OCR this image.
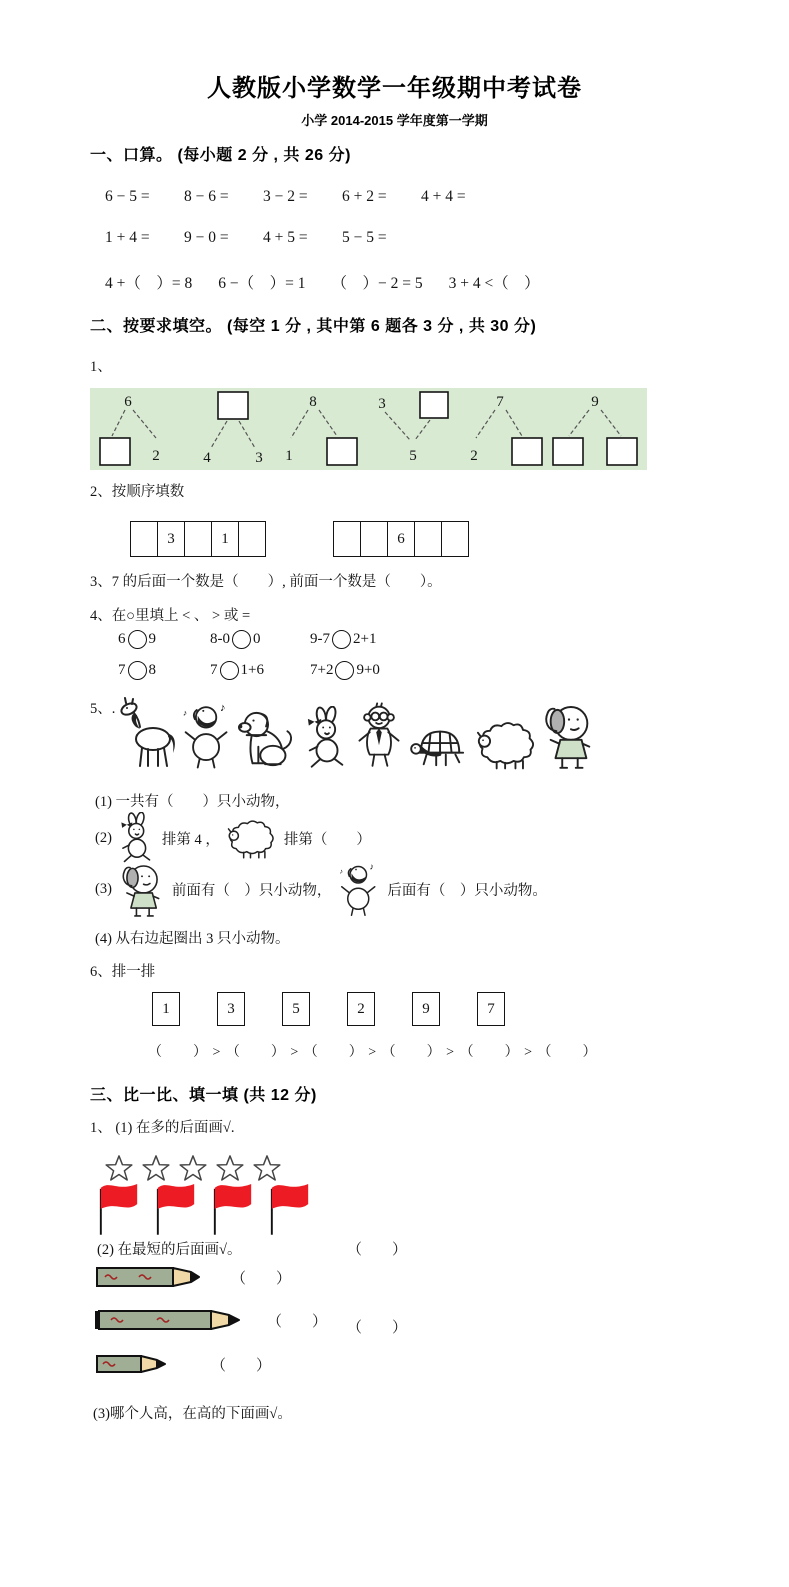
人教版小学数学一年级期中考试卷
小学 2014-2015 学年度第一学期
一、口算。 (每小题 2 分 , 共 26 分)
6 − 5 =	8 − 6 =	3 − 2 =	6 + 2 =	4 + 4 =
1 + 4 =	9 − 0 =	4 + 5 =	5 − 5 =
4 +（　）= 8 6 −（　）= 1 （　）− 2 = 5 3 + 4 <（　）
二、按要求填空。 (每空 1 分 , 其中第 6 题各 3 分 , 共 30 分)
1、
6
2	4	3
8
1
3
5
7
2
9
2、按顺序填数
	3		1	
			6		
3、7 的后面一个数是（　　）, 前面一个数是（　　）。
4、在○里填上 < 、 > 或 =
6 9	8-0 0	9-7 2+1
7 8	7 1+6	7+2 9+0
5、.
(1) 一共有（　　）只小动物，
(2)	排第 4 ，	排第（　　）
(3)	前面有（　）只小动物，	后面有（　）只小动物。
(4) 从右边起圈出 3 只小动物。
6、排一排
1	3	5	2	9	7
（　　） > （　　） > （　　） > （　　） > （　　） > （　　）
三、比一比、填一填 (共 12 分)
1、 (1) 在多的后面画√.

（　　）

（　　）

(2) 在最短的后面画√。
（　　）
（　　）
（　　）
(3)哪个人高，在高的下面画√。
